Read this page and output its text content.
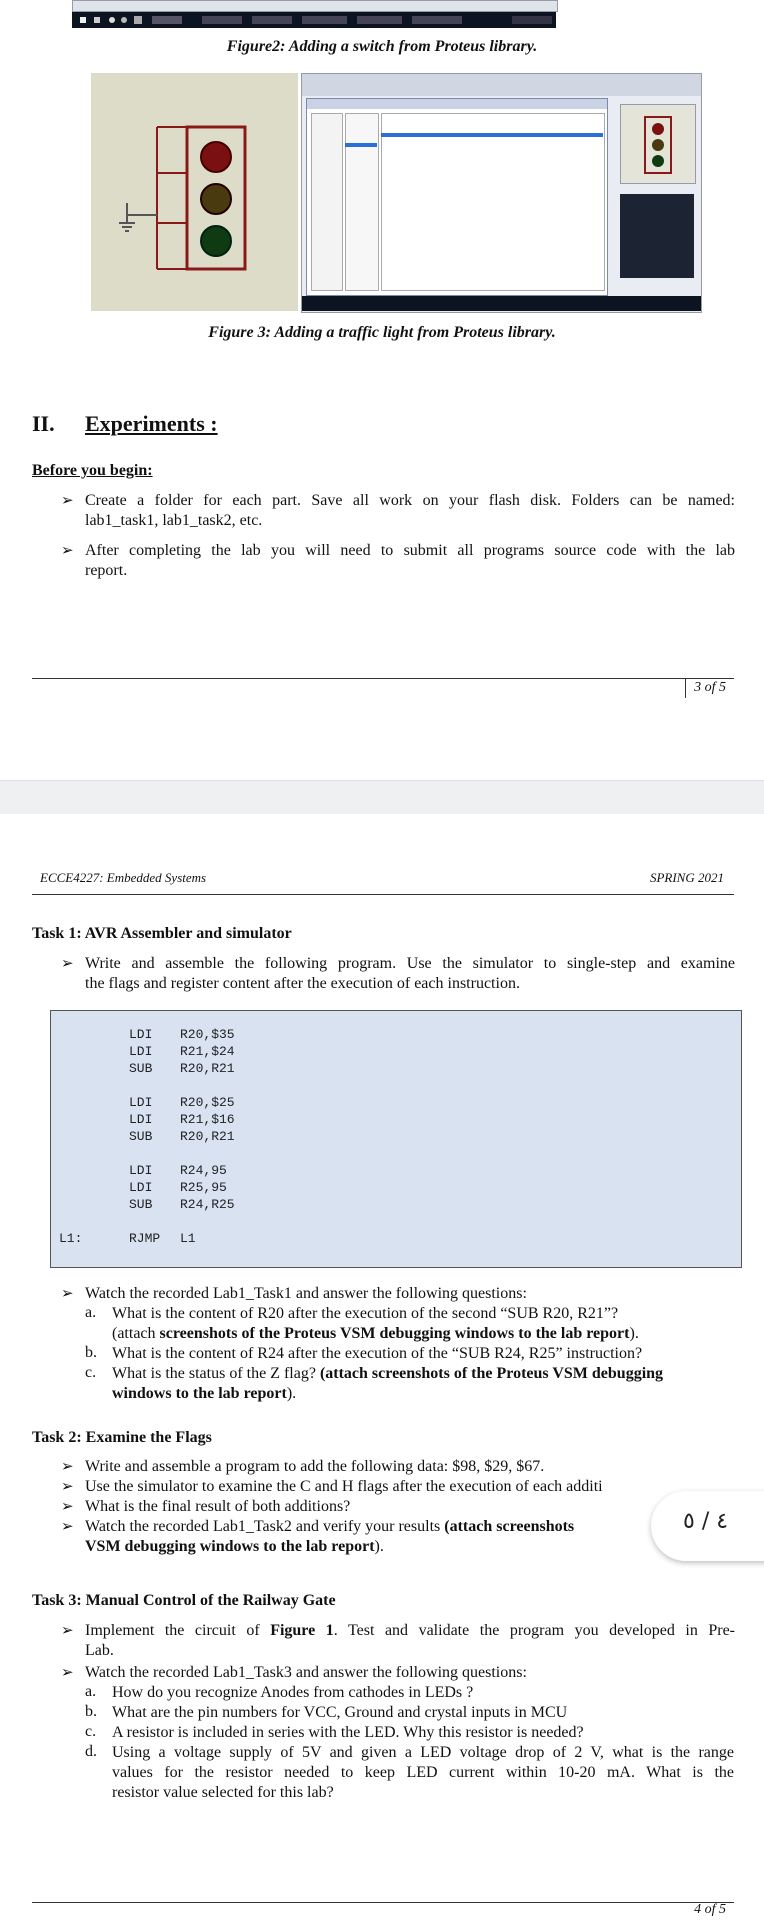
Figure2: Adding a switch from Proteus library.
Figure 3: Adding a traffic light from Proteus library.
II. Experiments :
Before you begin:
➢ Create a folder for each part. Save all work on your flash disk. Folders can be named:
lab1_task1, lab1_task2, etc.
➢ After completing the lab you will need to submit all programs source code with the lab
report.
3 of 5
ECCE4227: Embedded Systems	SPRING 2021
Task 1: AVR Assembler and simulator
➢ Write and assemble the following program. Use the simulator to single-step and examine
the flags and register content after the execution of each instruction.
LDI R20,$35
LDI R21,$24
SUB R20,R21
LDI R20,$25
LDI R21,$16
SUB R20,R21
LDI R24,95
LDI R25,95
SUB R24,R25
L1:	RJMP L1
➢ Watch the recorded Lab1_Task1 and answer the following questions:
a. What is the content of R20 after the execution of the second “SUB R20, R21”?
(attach screenshots of the Proteus VSM debugging windows to the lab report).
b. What is the content of R24 after the execution of the “SUB R24, R25” instruction?
c. What is the status of the Z flag? (attach screenshots of the Proteus VSM debugging
windows to the lab report).
Task 2: Examine the Flags
➢ Write and assemble a program to add the following data: $98, $29, $67.
➢ Use the simulator to examine the C and H flags after the execution of each additi
➢ What is the final result of both additions?
➢ Watch the recorded Lab1_Task2 and verify your results (attach screenshots
VSM debugging windows to the lab report).
٤ / ٥
Task 3: Manual Control of the Railway Gate
➢ Implement the circuit of Figure 1. Test and validate the program you developed in Pre-
Lab.
➢ Watch the recorded Lab1_Task3 and answer the following questions:
a. How do you recognize Anodes from cathodes in LEDs ?
b. What are the pin numbers for VCC, Ground and crystal inputs in MCU
c. A resistor is included in series with the LED. Why this resistor is needed?
d. Using a voltage supply of 5V and given a LED voltage drop of 2 V, what is the range
values for the resistor needed to keep LED current within 10-20 mA. What is the
resistor value selected for this lab?
4 of 5
